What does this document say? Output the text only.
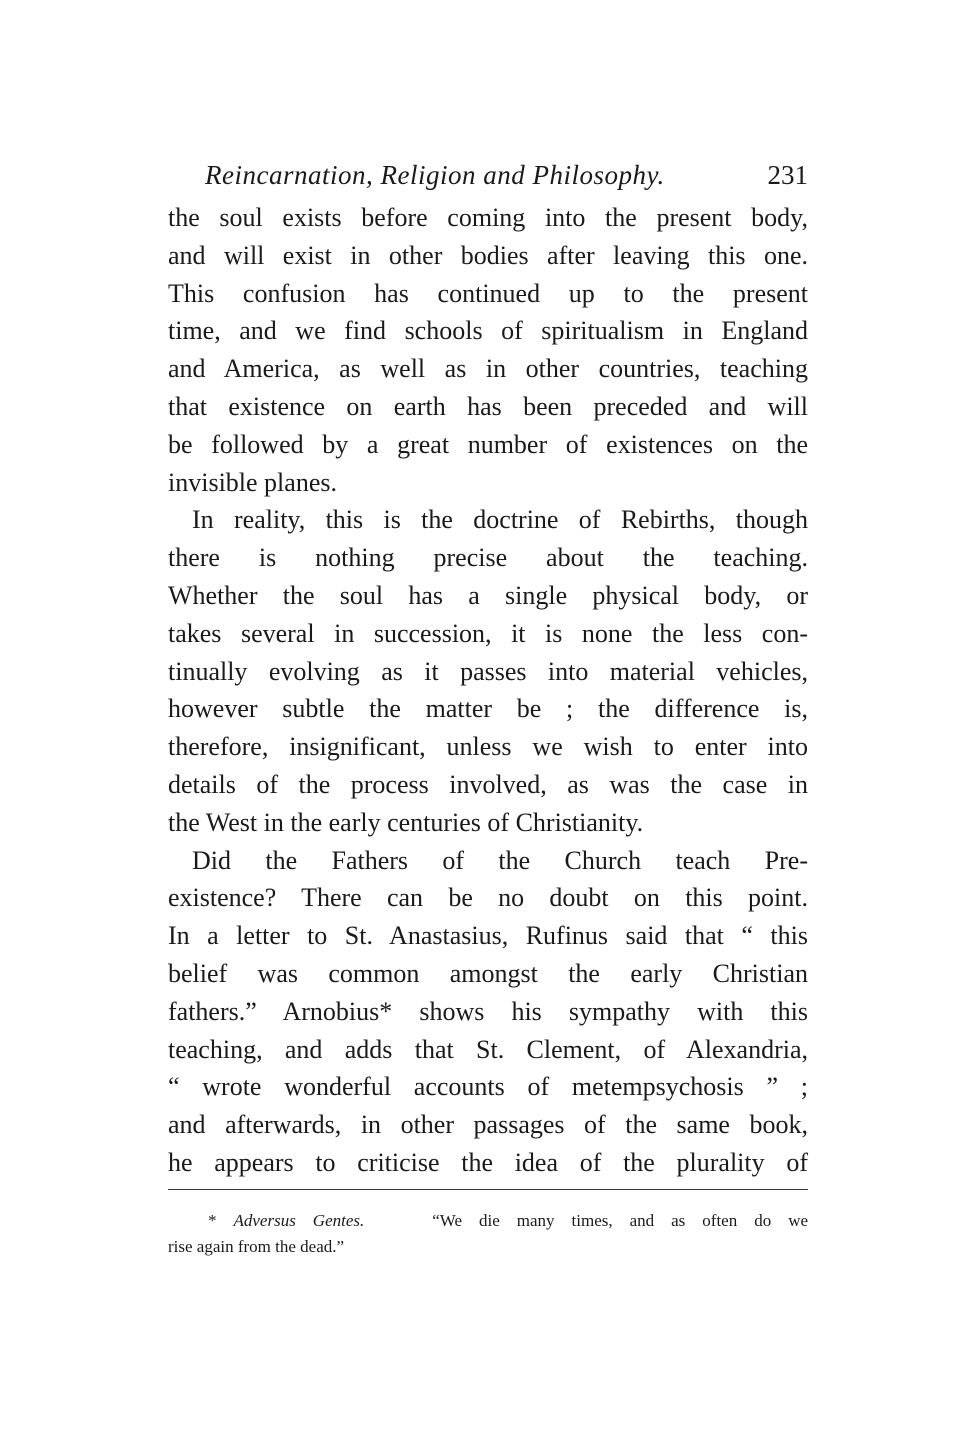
Reincarnation, Religion and Philosophy.	231
the soul exists before coming into the present body,
and will exist in other bodies after leaving this one.
This confusion has continued up to the present
time, and we find schools of spiritualism in England
and America, as well as in other countries, teaching
that existence on earth has been preceded and will
be followed by a great number of existences on the
invisible planes.
In reality, this is the doctrine of Rebirths, though
there is nothing precise about the teaching.
Whether the soul has a single physical body, or
takes several in succession, it is none the less con-
tinually evolving as it passes into material vehicles,
however subtle the matter be ; the difference is,
therefore, insignificant, unless we wish to enter into
details of the process involved, as was the case in
the West in the early centuries of Christianity.
Did the Fathers of the Church teach Pre-
existence? There can be no doubt on this point.
In a letter to St. Anastasius, Rufinus said that “ this
belief was common amongst the early Christian
fathers.” Arnobius* shows his sympathy with this
teaching, and adds that St. Clement, of Alexandria,
“ wrote wonderful accounts of metempsychosis ” ;
and afterwards, in other passages of the same book,
he appears to criticise the idea of the plurality of
* Adversus Gentes.	“We die many times, and as often do we
rise again from the dead.”
